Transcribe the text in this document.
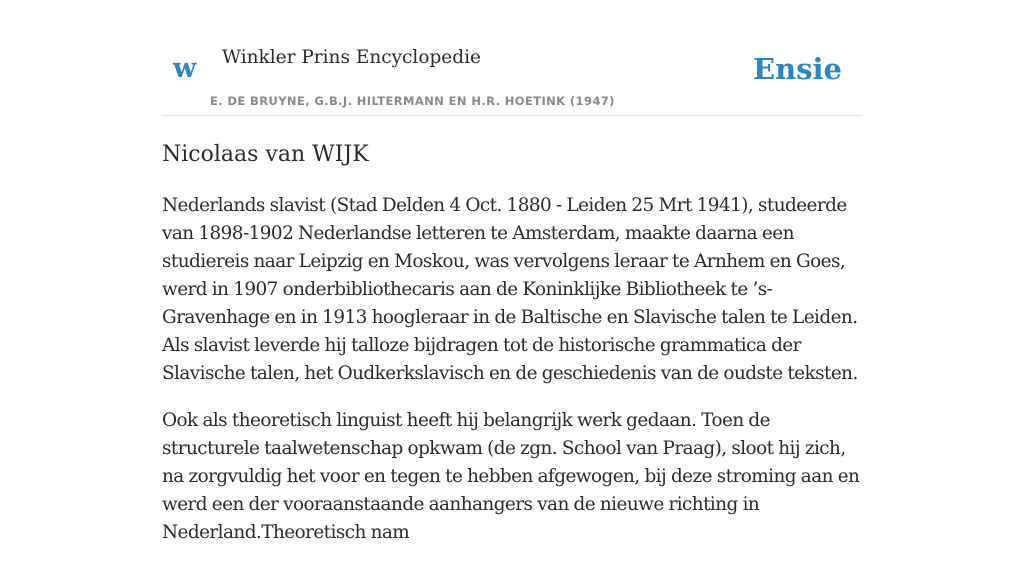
w Winkler Prins Encyclopedie
E. DE BRUYNE, G.B.J. HILTERMANN EN H.R. HOETINK (1947)
Ensie
Nicolaas van WIJK

Nederlands slavist (Stad Delden 4 Oct. 1880 - Leiden 25 Mrt 1941), studeerde van 1898-1902 Nederlandse letteren te Amsterdam, maakte daarna een studiereis naar Leipzig en Moskou, was vervolgens leraar te Arnhem en Goes, werd in 1907 onderbibliothecaris aan de Koninklijke Bibliotheek te ’s-Gravenhage en in 1913 hoogleraar in de Baltische en Slavische talen te Leiden. Als slavist leverde hij talloze bijdragen tot de historische grammatica der Slavische talen, het Oudkerkslavisch en de geschiedenis van de oudste teksten.

Ook als theoretisch linguist heeft hij belangrijk werk gedaan. Toen de structurele taalwetenschap opkwam (de zgn. School van Praag), sloot hij zich, na zorgvuldig het voor en tegen te hebben afgewogen, bij deze stroming aan en werd een der vooraanstaande aanhangers van de nieuwe richting in Nederland.Theoretisch nam
